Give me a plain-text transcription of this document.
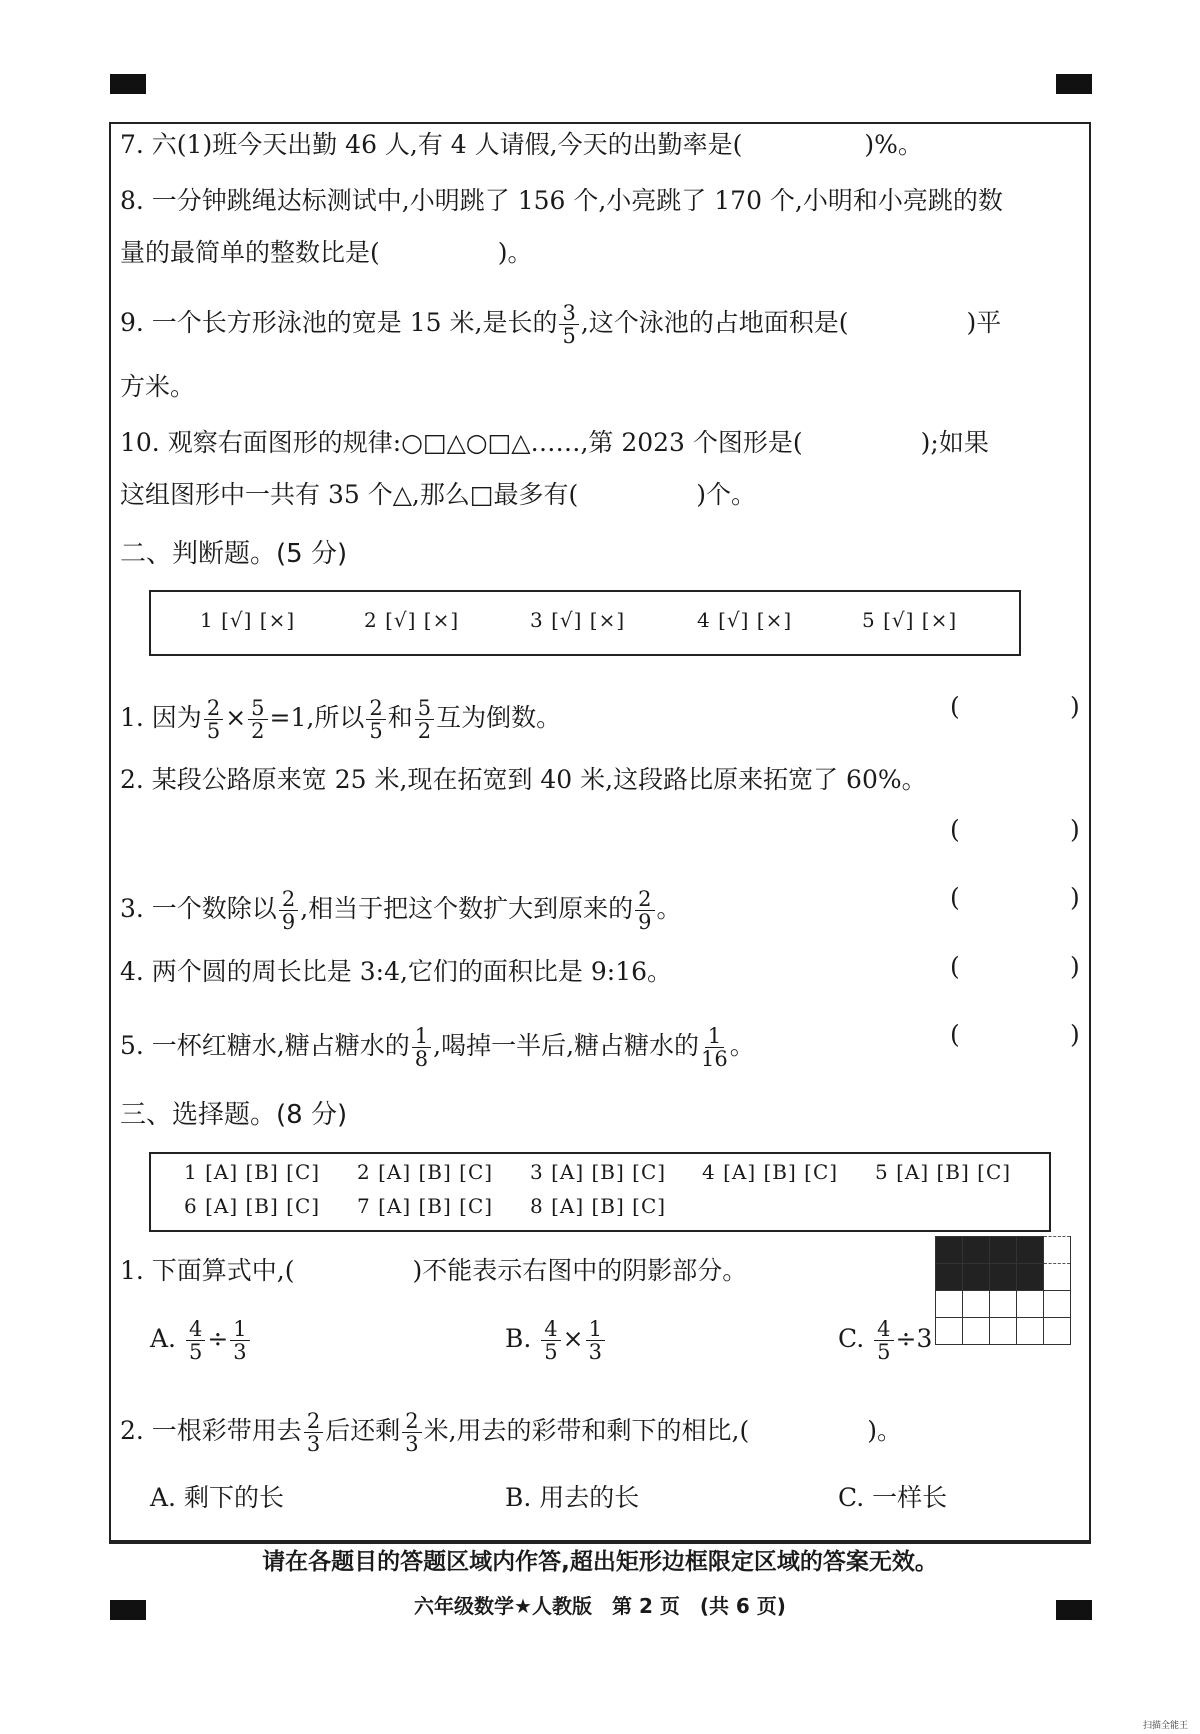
7. 六(1)班今天出勤 46 人,有 4 人请假,今天的出勤率是(	)%。
8. 一分钟跳绳达标测试中,小明跳了 156 个,小亮跳了 170 个,小明和小亮跳的数
量的最简单的整数比是(	)。
9. 一个长方形泳池的宽是 15 米,是长的 $\frac{3}{5}$ ,这个泳池的占地面积是(	)平
方米。
10. 观察右面图形的规律:○□△○□△……,第 2023 个图形是(	);如果
这组图形中一共有 35 个△,那么□最多有(	)个。
二、判断题。(5 分)
1 [√] [×]	2 [√] [×]	3 [√] [×]	4 [√] [×]	5 [√] [×]
1. 因为 $\frac{2}{5} \times \frac{5}{2} =1$,所以 $\frac{2}{5}$ 和 $\frac{5}{2}$ 互为倒数。	(	)
2. 某段公路原来宽 25 米,现在拓宽到 40 米,这段路比原来拓宽了 60%。
(	)
3. 一个数除以 $\frac{2}{9}$ ,相当于把这个数扩大到原来的 $\frac{2}{9}$ 。	(	)
4. 两个圆的周长比是 3:4,它们的面积比是 9:16。	(	)
5. 一杯红糖水,糖占糖水的 $\frac{1}{8}$ ,喝掉一半后,糖占糖水的 $\frac{1}{16}$ 。	(	)
三、选择题。(8 分)
1 [A] [B] [C] 2 [A] [B] [C] 3 [A] [B] [C] 4 [A] [B] [C] 5 [A] [B] [C]
6 [A] [B] [C] 7 [A] [B] [C] 8 [A] [B] [C]
1. 下面算式中,(	)不能表示右图中的阴影部分。

A. $\frac{4}{5} \div \frac{1}{3}$	B. $\frac{4}{5} \times \frac{1}{3}$	C. $\frac{4}{5} \div 3$
2. 一根彩带用去 $\frac{2}{3}$ 后还剩 $\frac{2}{3}$ 米,用去的彩带和剩下的相比,(	)。
A. 剩下的长	B. 用去的长	C. 一样长
请在各题目的答题区域内作答,超出矩形边框限定区域的答案无效。
六年级数学★人教版　第 2 页　(共 6 页)
扫描全能王
